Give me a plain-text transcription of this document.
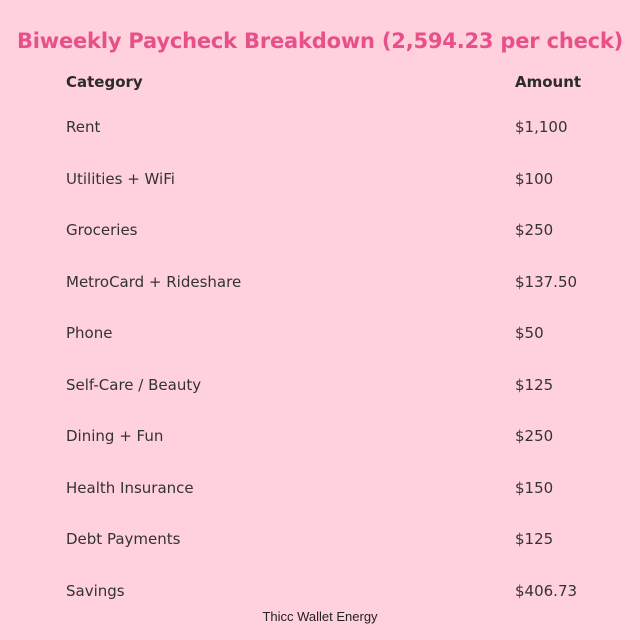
Biweekly Paycheck Breakdown (2,594.23 per check)
Category	Amount
Rent	$1,100
Utilities + WiFi	$100
Groceries	$250
MetroCard + Rideshare	$137.50
Phone	$50
Self-Care / Beauty	$125
Dining + Fun	$250
Health Insurance	$150
Debt Payments	$125
Savings	$406.73
Thicc Wallet Energy
